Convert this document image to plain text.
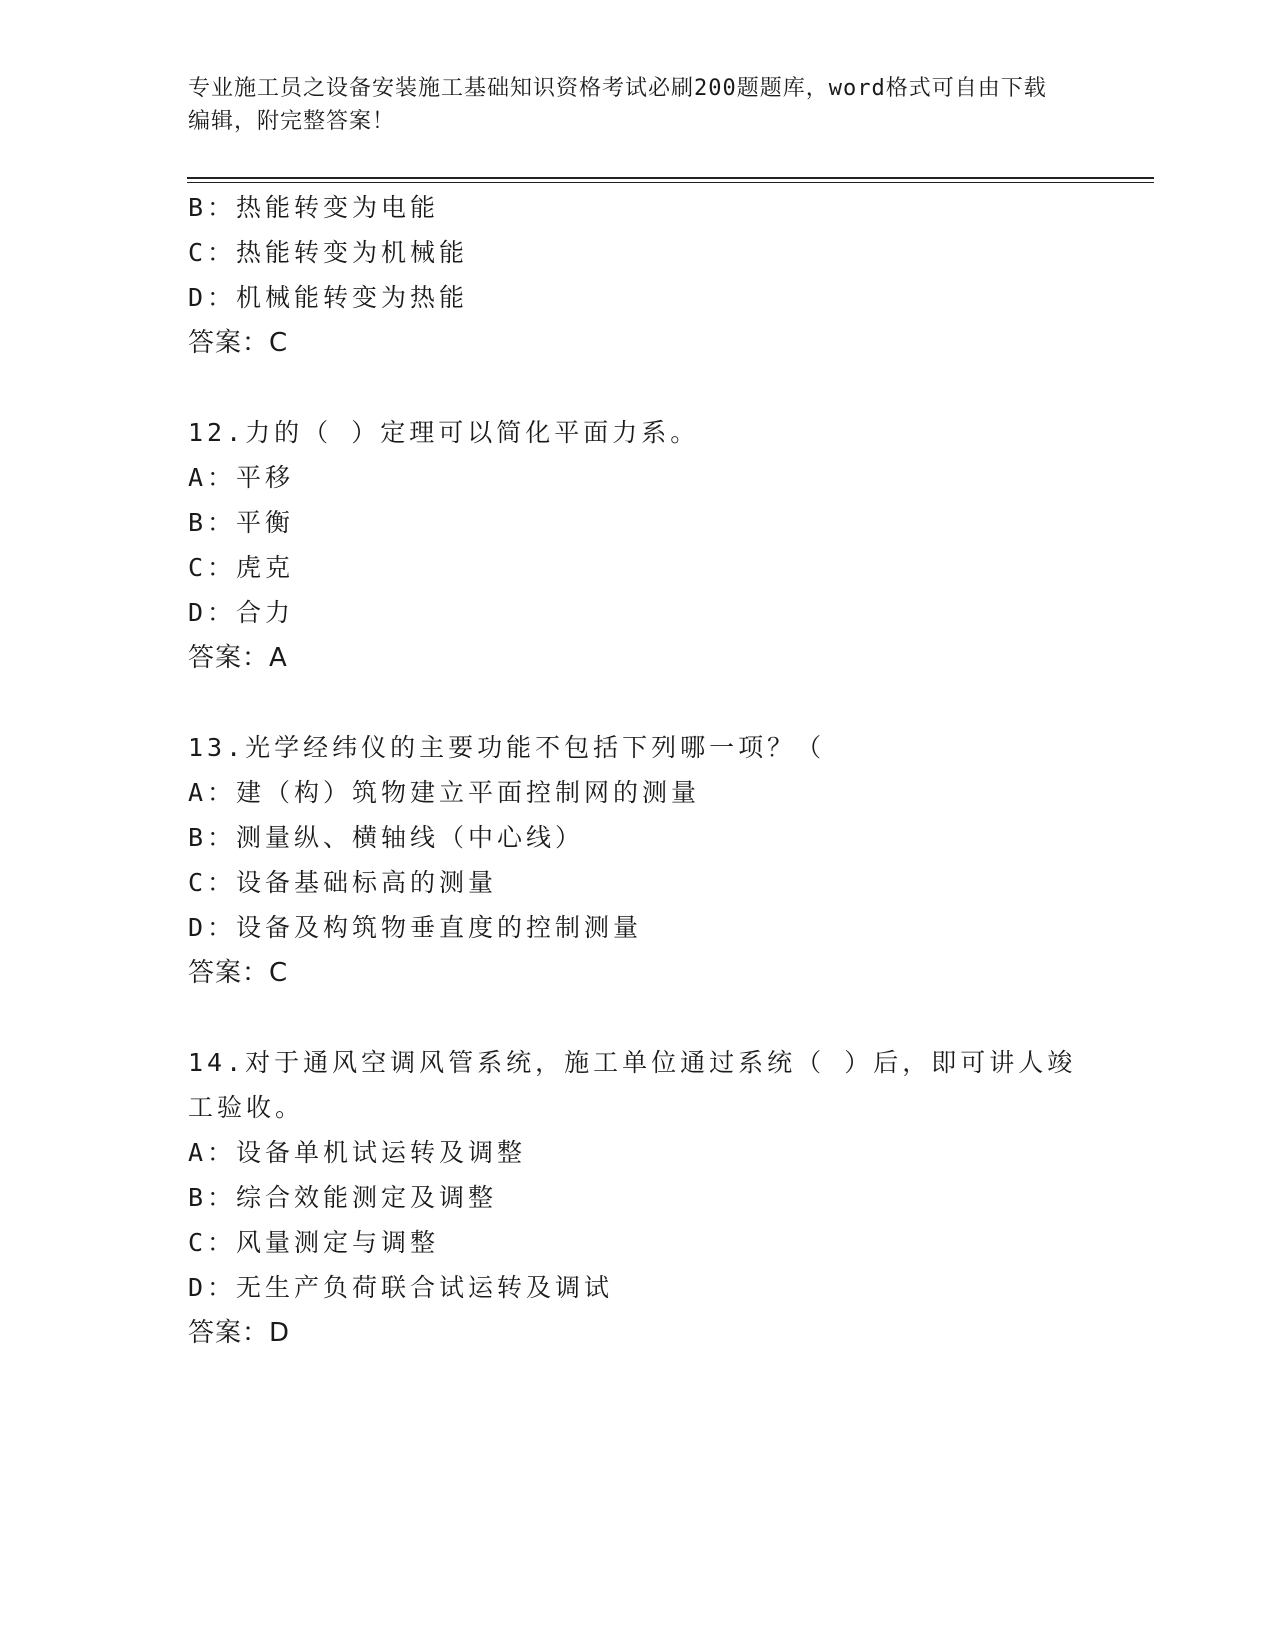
专业施工员之设备安装施工基础知识资格考试必刷200题题库，word格式可自由下载编辑，附完整答案！
B：热能转变为电能
C：热能转变为机械能
D：机械能转变为热能
答案：C
12.力的（ ）定理可以简化平面力系。
A：平移
B：平衡
C：虎克
D：合力
答案：A
13.光学经纬仪的主要功能不包括下列哪一项？（
A：建（构）筑物建立平面控制网的测量
B：测量纵、横轴线（中心线）
C：设备基础标高的测量
D：设备及构筑物垂直度的控制测量
答案：C
14.对于通风空调风管系统，施工单位通过系统（ ）后，即可讲人竣
工验收。
A：设备单机试运转及调整
B：综合效能测定及调整
C：风量测定与调整
D：无生产负荷联合试运转及调试
答案：D
